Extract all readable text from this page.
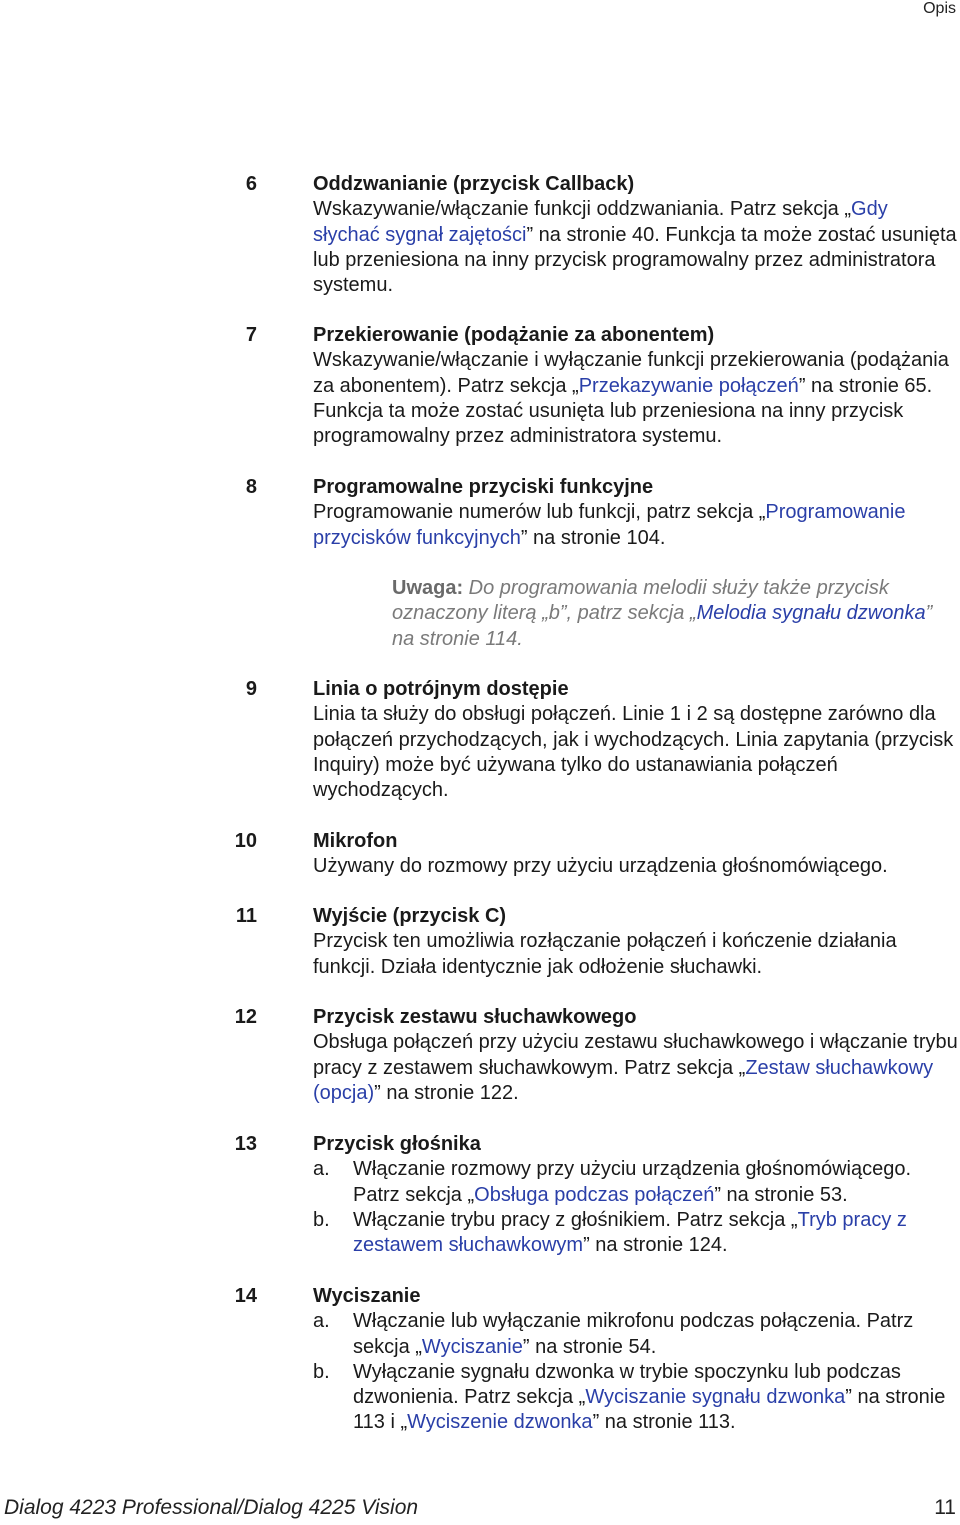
Opis
6	Oddzwanianie (przycisk Callback)
Wskazywanie/włączanie funkcji oddzwaniania. Patrz sekcja „Gdy słychać sygnał zajętości” na stronie 40. Funkcja ta może zostać usunięta lub przeniesiona na inny przycisk programowalny przez administratora systemu.
7	Przekierowanie (podążanie za abonentem)
Wskazywanie/włączanie i wyłączanie funkcji przekierowania (podążania za abonentem). Patrz sekcja „Przekazywanie połączeń” na stronie 65. Funkcja ta może zostać usunięta lub przeniesiona na inny przycisk programowalny przez administratora systemu.
8	Programowalne przyciski funkcyjne
Programowanie numerów lub funkcji, patrz sekcja „Programowanie przycisków funkcyjnych” na stronie 104.
Uwaga: Do programowania melodii służy także przycisk oznaczony literą „b”, patrz sekcja „Melodia sygnału dzwonka” na stronie 114.
9	Linia o potrójnym dostępie
Linia ta służy do obsługi połączeń. Linie 1 i 2 są dostępne zarówno dla połączeń przychodzących, jak i wychodzących. Linia zapytania (przycisk Inquiry) może być używana tylko do ustanawiania połączeń wychodzących.
10	Mikrofon
Używany do rozmowy przy użyciu urządzenia głośnomówiącego.
11	Wyjście (przycisk C)
Przycisk ten umożliwia rozłączanie połączeń i kończenie działania funkcji. Działa identycznie jak odłożenie słuchawki.
12	Przycisk zestawu słuchawkowego
Obsługa połączeń przy użyciu zestawu słuchawkowego i włączanie trybu pracy z zestawem słuchawkowym. Patrz sekcja „Zestaw słuchawkowy (opcja)” na stronie 122.
13	Przycisk głośnika
a. Włączanie rozmowy przy użyciu urządzenia głośnomówiącego. Patrz sekcja „Obsługa podczas połączeń” na stronie 53.
b. Włączanie trybu pracy z głośnikiem. Patrz sekcja „Tryb pracy z zestawem słuchawkowym” na stronie 124.
14	Wyciszanie
a. Włączanie lub wyłączanie mikrofonu podczas połączenia. Patrz sekcja „Wyciszanie” na stronie 54.
b. Wyłączanie sygnału dzwonka w trybie spoczynku lub podczas dzwonienia. Patrz sekcja „Wyciszanie sygnału dzwonka” na stronie 113 i „Wyciszenie dzwonka” na stronie 113.
Dialog 4223 Professional/Dialog 4225 Vision	11
